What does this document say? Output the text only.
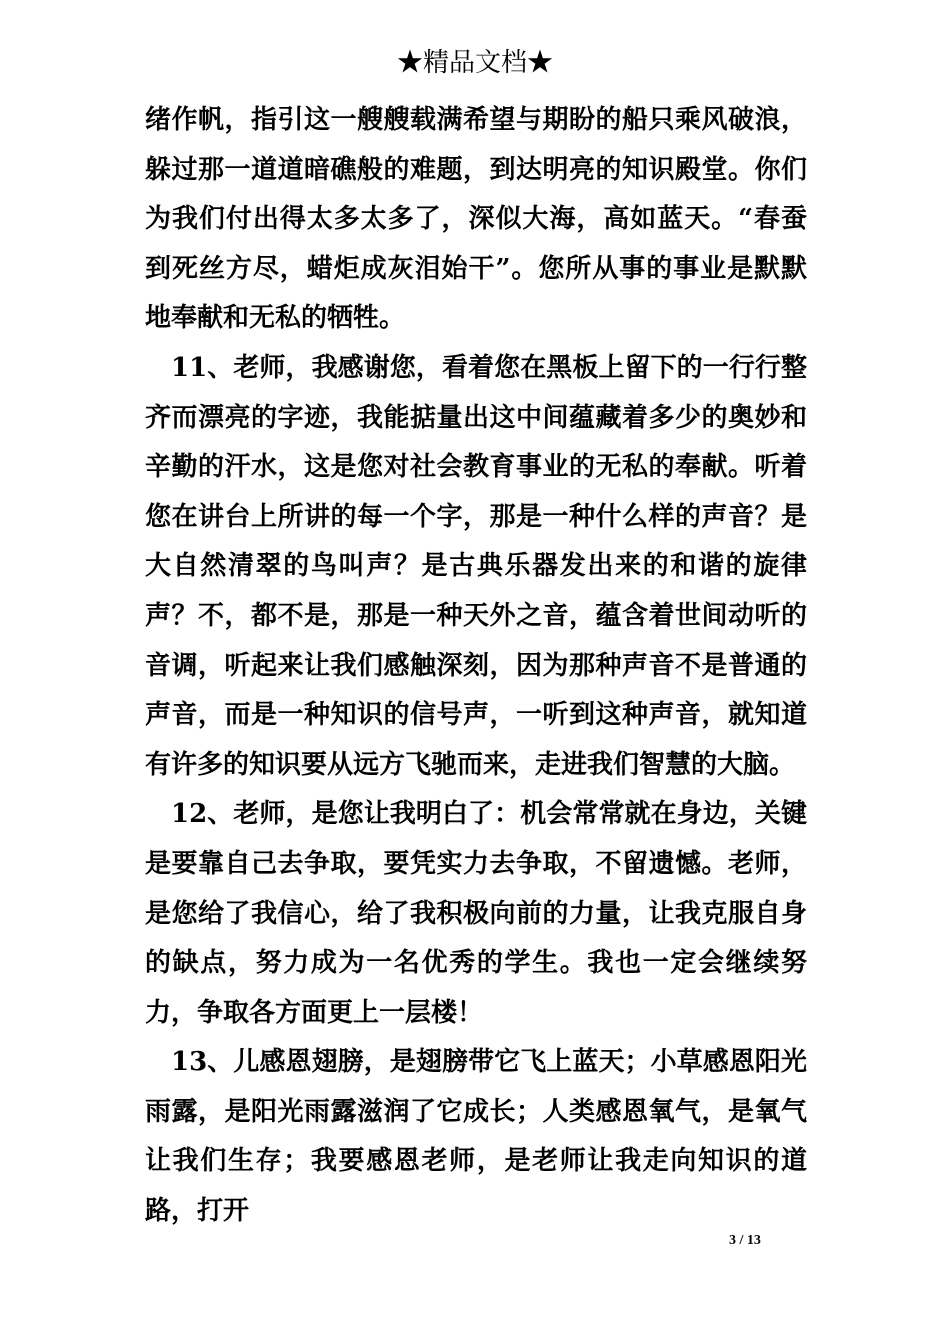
★精品文档★

绪作帆，指引这一艘艘载满希望与期盼的船只乘风破浪，躲过那一道道暗礁般的难题，到达明亮的知识殿堂。你们为我们付出得太多太多了，深似大海，高如蓝天。“春蚕到死丝方尽，蜡炬成灰泪始干”。您所从事的事业是默默地奉献和无私的牺牲。

11、老师，我感谢您，看着您在黑板上留下的一行行整齐而漂亮的字迹，我能掂量出这中间蕴藏着多少的奥妙和辛勤的汗水，这是您对社会教育事业的无私的奉献。听着您在讲台上所讲的每一个字，那是一种什么样的声音？是大自然清翠的鸟叫声？是古典乐器发出来的和谐的旋律声？不，都不是，那是一种天外之音，蕴含着世间动听的音调，听起来让我们感触深刻，因为那种声音不是普通的声音，而是一种知识的信号声，一听到这种声音，就知道有许多的知识要从远方飞驰而来，走进我们智慧的大脑。

12、老师，是您让我明白了：机会常常就在身边，关键是要靠自己去争取，要凭实力去争取，不留遗憾。老师，是您给了我信心，给了我积极向前的力量，让我克服自身的缺点，努力成为一名优秀的学生。我也一定会继续努力，争取各方面更上一层楼！

13、儿感恩翅膀，是翅膀带它飞上蓝天；小草感恩阳光雨露，是阳光雨露滋润了它成长；人类感恩氧气，是氧气让我们生存；我要感恩老师，是老师让我走向知识的道路，打开

3 / 13
